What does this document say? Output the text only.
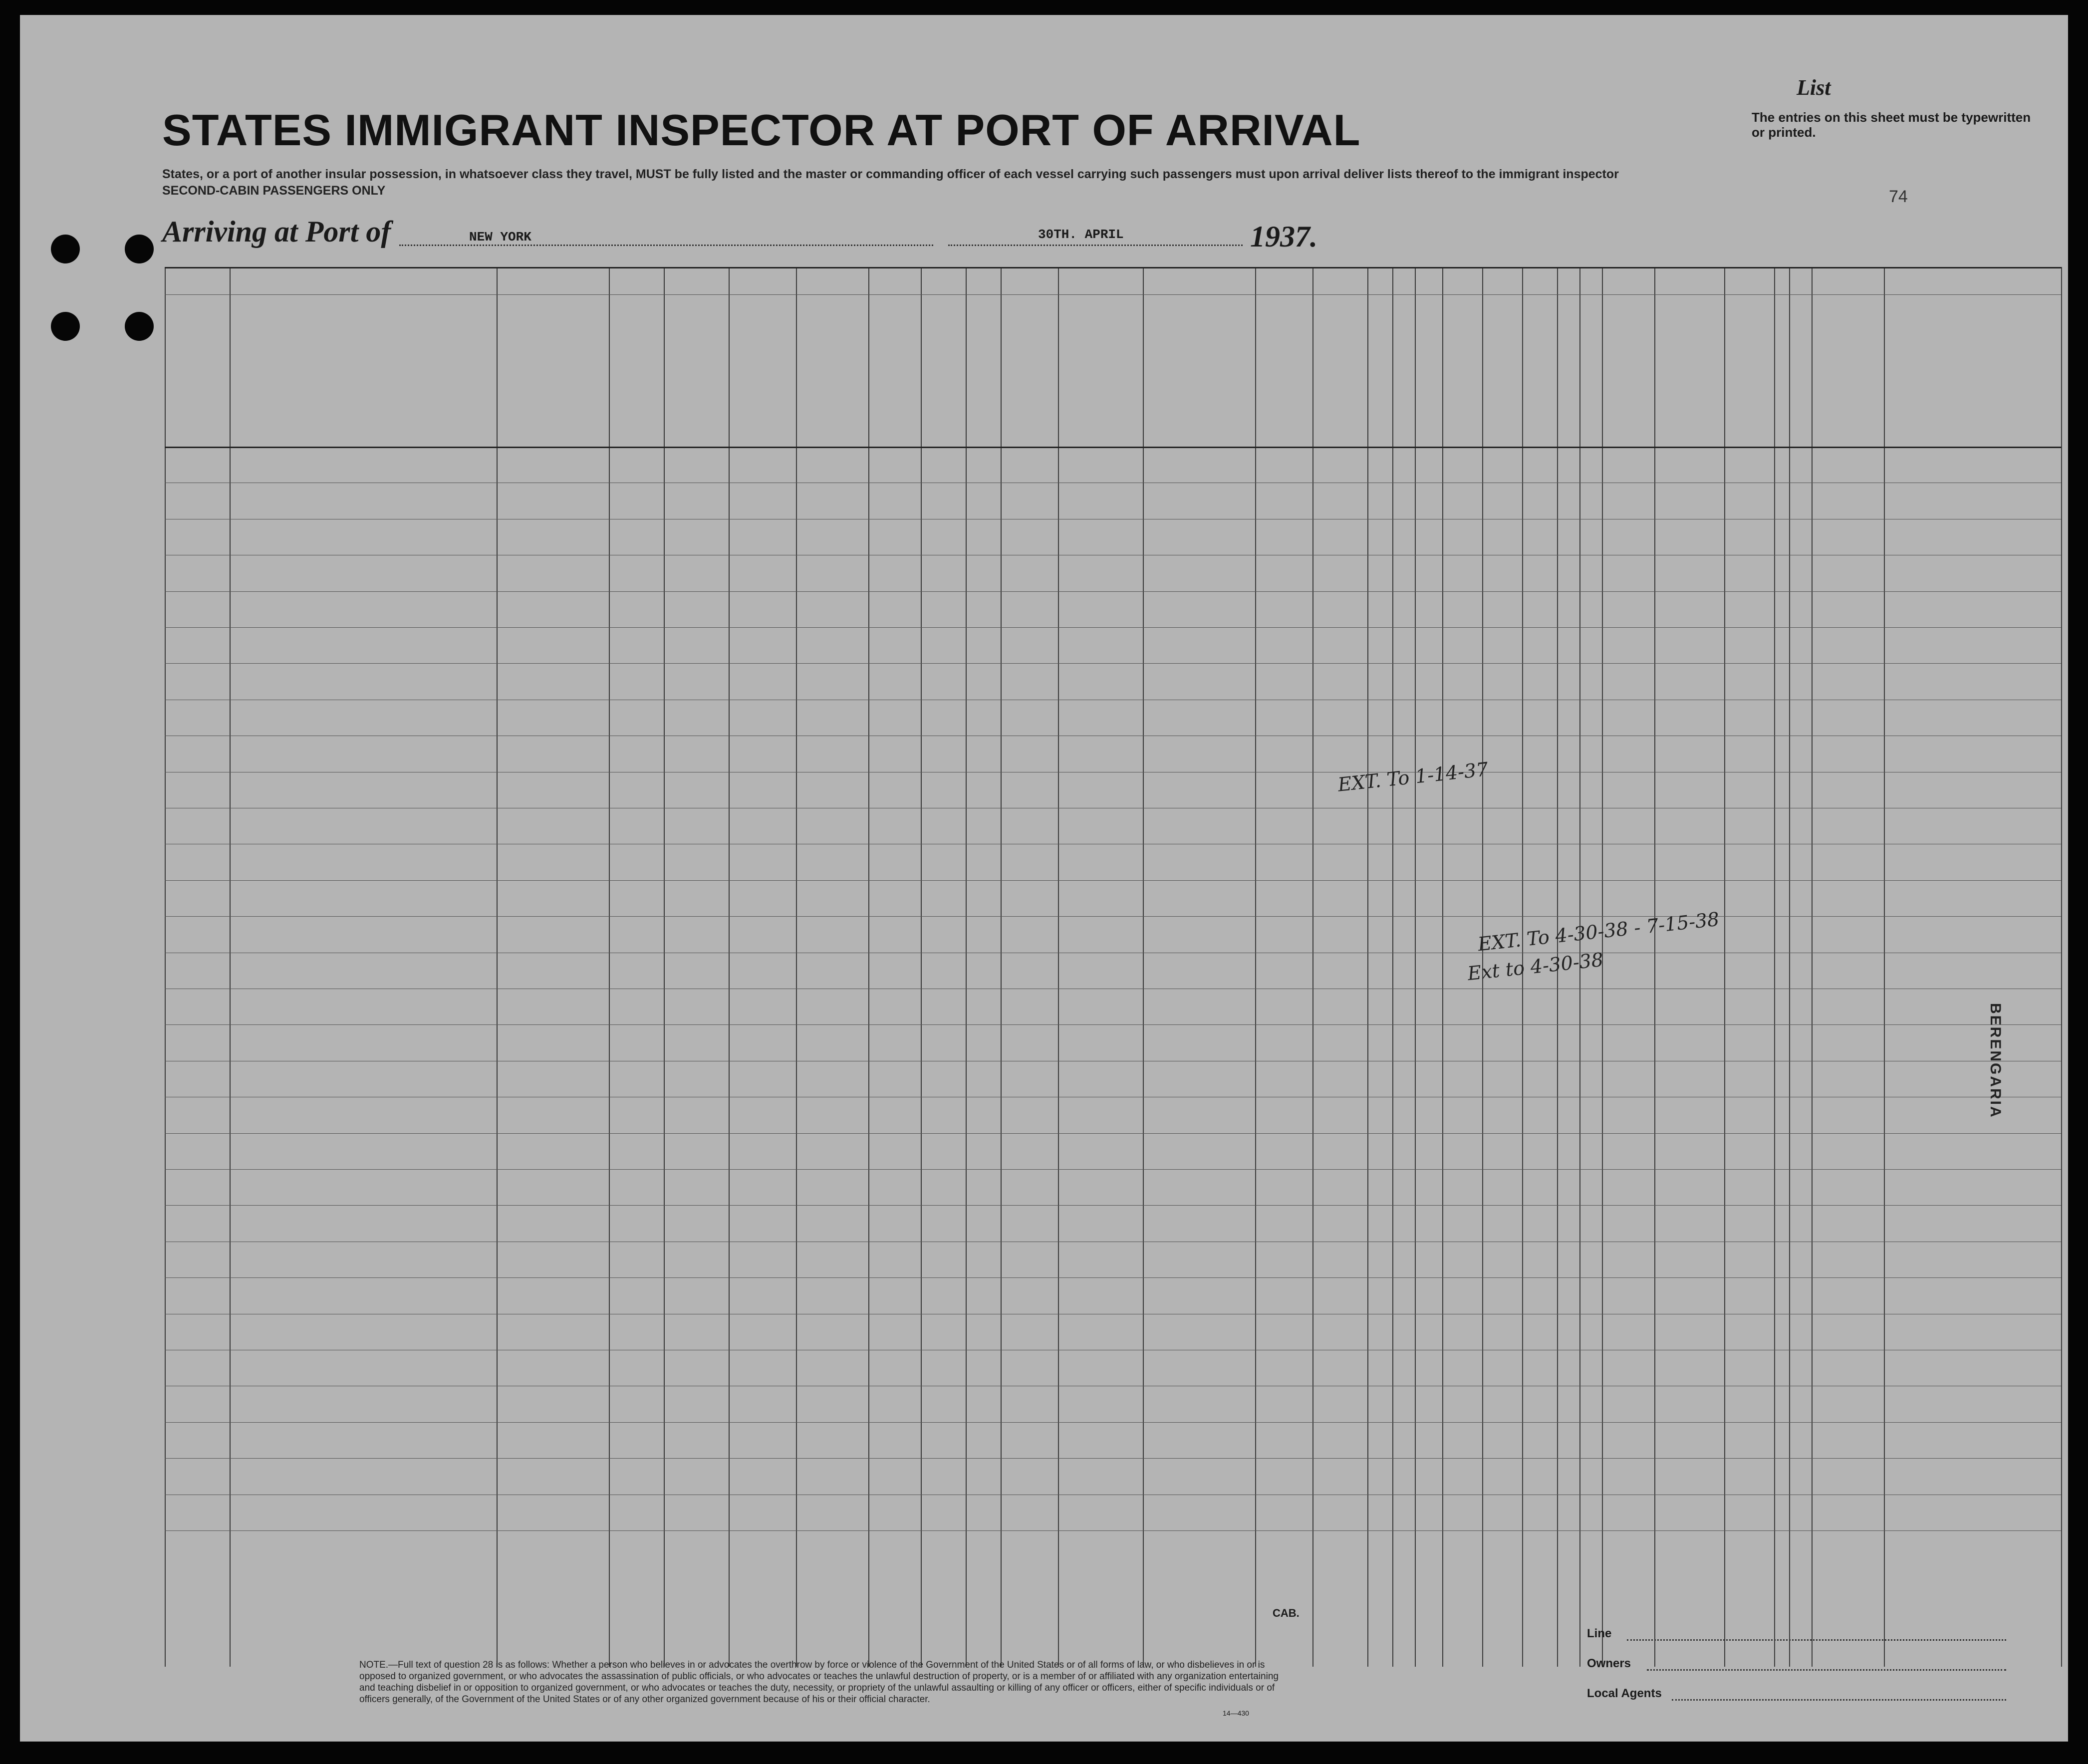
STATES IMMIGRANT INSPECTOR AT PORT OF ARRIVAL
States, or a port of another insular possession, in whatsoever class they travel, MUST be fully listed and the master or commanding officer of each vessel carrying such passengers must upon arrival deliver lists thereof to the immigrant inspector
SECOND-CABIN PASSENGERS ONLY
List
The entries on this sheet must be typewritten or printed.
74
Arriving at Port of	NEW YORK	30TH. APRIL	1937.
EXT. To 1-14-37
EXT. To 4-30-38 - 7-15-38
Ext to 4-30-38
BERENGARIA
CAB.
NOTE.—Full text of question 28 is as follows: Whether a person who believes in or advocates the overthrow by force or violence of the Government of the United States or of all forms of law, or who disbelieves in or is opposed to organized government, or who advocates the assassination of public officials, or who advocates or teaches the unlawful destruction of property, or is a member of or affiliated with any organization entertaining and teaching disbelief in or opposition to organized government, or who advocates or teaches the duty, necessity, or propriety of the unlawful assaulting or killing of any officer or officers, either of specific individuals or of officers generally, of the Government of the United States or of any other organized government because of his or their official character.
14—430
Line
Owners
Local Agents
